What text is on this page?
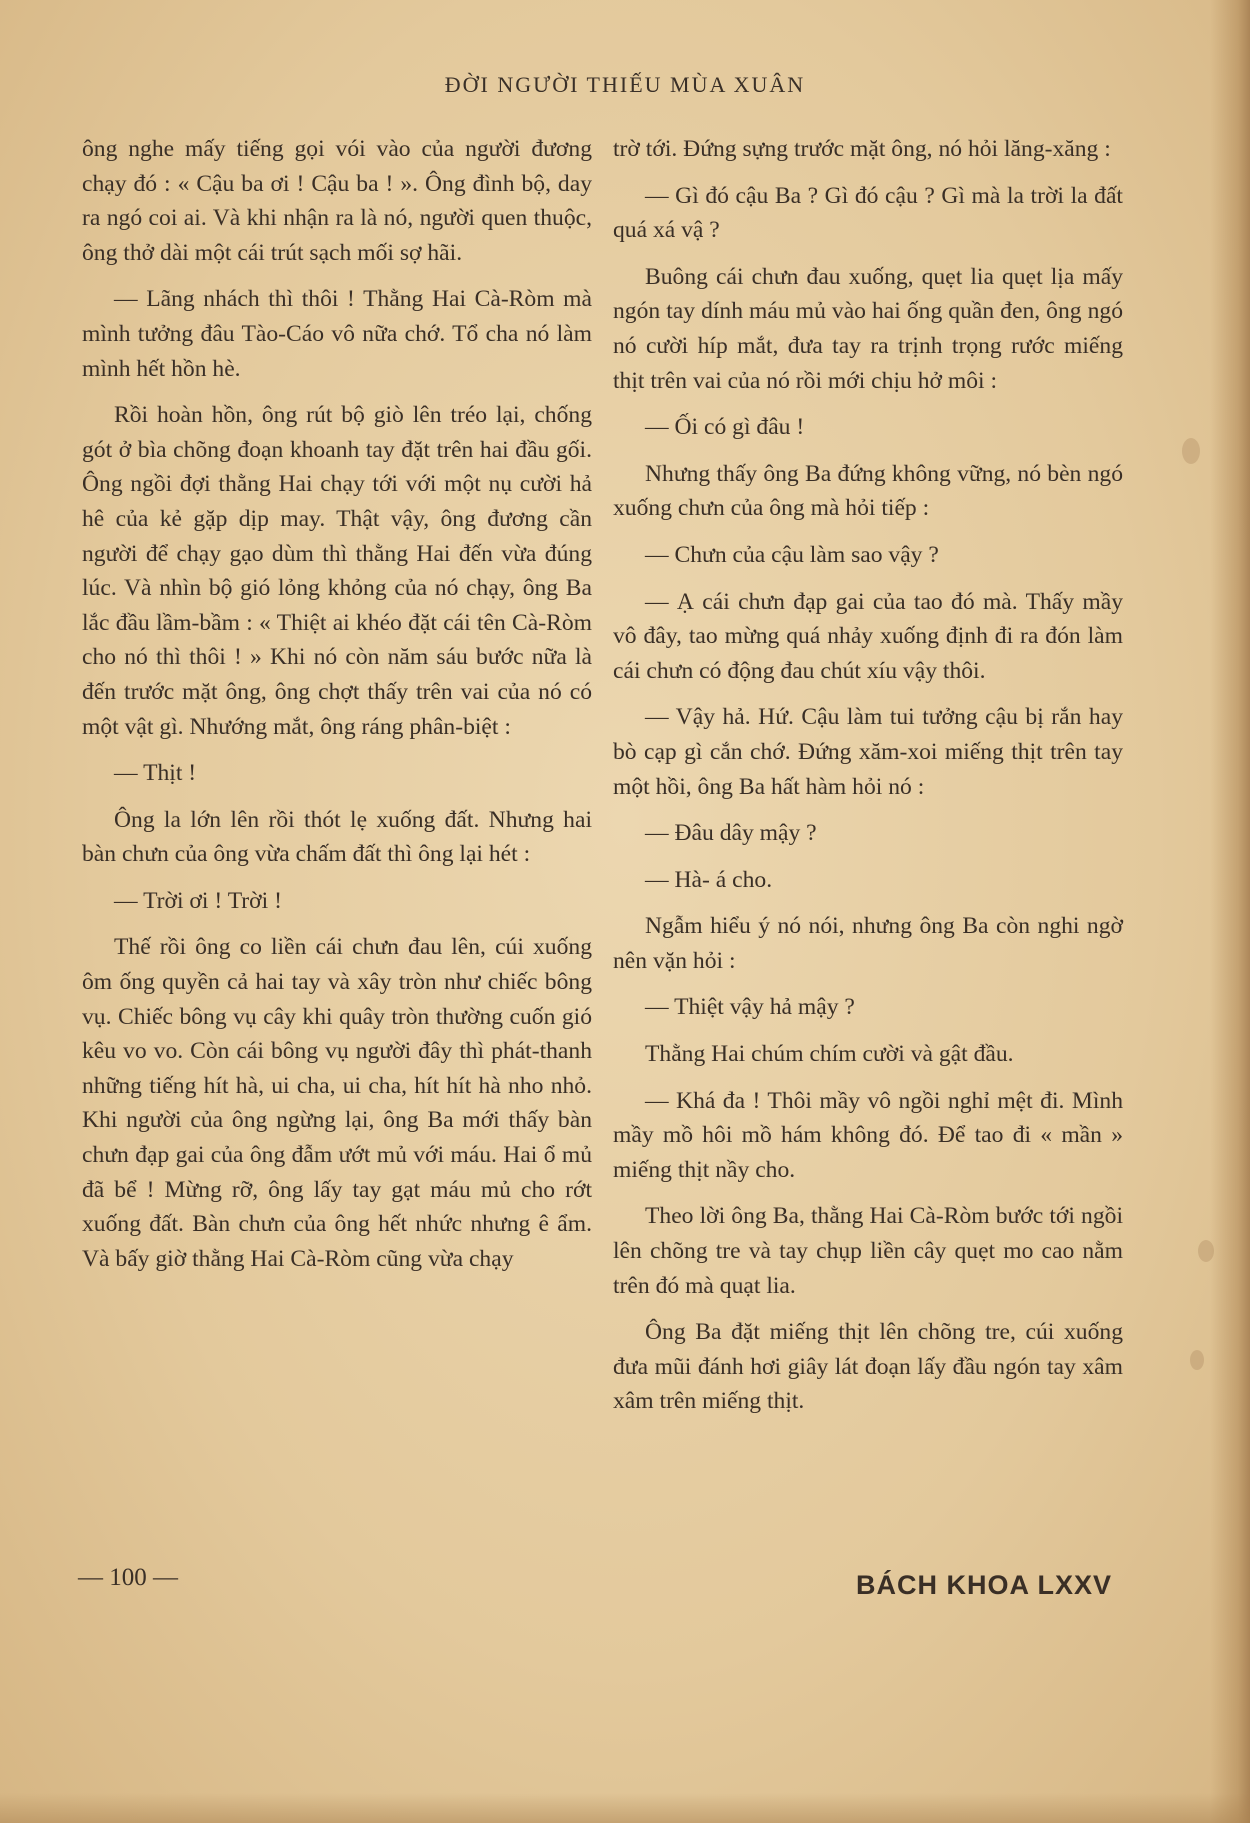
ĐỜI NGƯỜI THIẾU MÙA XUÂN

ông nghe mấy tiếng gọi vói vào của người đương chạy đó : « Cậu ba ơi ! Cậu ba ! ». Ông đình bộ, day ra ngó coi ai. Và khi nhận ra là nó, người quen thuộc, ông thở dài một cái trút sạch mối sợ hãi.

— Lãng nhách thì thôi ! Thằng Hai Cà-Ròm mà mình tưởng đâu Tào-Cáo vô nữa chớ. Tổ cha nó làm mình hết hồn hè.

Rồi hoàn hồn, ông rút bộ giò lên tréo lại, chống gót ở bìa chõng đoạn khoanh tay đặt trên hai đầu gối. Ông ngồi đợi thằng Hai chạy tới với một nụ cười hả hê của kẻ gặp dịp may. Thật vậy, ông đương cần người để chạy gạo dùm thì thằng Hai đến vừa đúng lúc. Và nhìn bộ gió lỏng khỏng của nó chạy, ông Ba lắc đầu lầm-bầm : « Thiệt ai khéo đặt cái tên Cà-Ròm cho nó thì thôi ! » Khi nó còn năm sáu bước nữa là đến trước mặt ông, ông chợt thấy trên vai của nó có một vật gì. Nhướng mắt, ông ráng phân-biệt :

— Thịt !

Ông la lớn lên rồi thót lẹ xuống đất. Nhưng hai bàn chưn của ông vừa chấm đất thì ông lại hét :

— Trời ơi ! Trời !

Thế rồi ông co liền cái chưn đau lên, cúi xuống ôm ống quyền cả hai tay và xây tròn như chiếc bông vụ. Chiếc bông vụ cây khi quây tròn thường cuốn gió kêu vo vo. Còn cái bông vụ người đây thì phát-thanh những tiếng hít hà, ui cha, ui cha, hít hít hà nho nhỏ. Khi người của ông ngừng lại, ông Ba mới thấy bàn chưn đạp gai của ông đẫm ướt mủ với máu. Hai ổ mủ đã bể ! Mừng rỡ, ông lấy tay gạt máu mủ cho rớt xuống đất. Bàn chưn của ông hết nhức nhưng ê ẩm. Và bấy giờ thằng Hai Cà-Ròm cũng vừa chạy

trờ tới. Đứng sựng trước mặt ông, nó hỏi lăng-xăng :

— Gì đó cậu Ba ? Gì đó cậu ? Gì mà la trời la đất quá xá vậ ?

Buông cái chưn đau xuống, quẹt lia quẹt lịa mấy ngón tay dính máu mủ vào hai ống quần đen, ông ngó nó cười híp mắt, đưa tay ra trịnh trọng rước miếng thịt trên vai của nó rồi mới chịu hở môi :

— Ối có gì đâu !

Nhưng thấy ông Ba đứng không vững, nó bèn ngó xuống chưn của ông mà hỏi tiếp :

— Chưn của cậu làm sao vậy ?

— Ạ cái chưn đạp gai của tao đó mà. Thấy mầy vô đây, tao mừng quá nhảy xuống định đi ra đón làm cái chưn có động đau chút xíu vậy thôi.

— Vậy hả. Hứ. Cậu làm tui tưởng cậu bị rắn hay bò cạp gì cắn chớ. Đứng xăm-xoi miếng thịt trên tay một hồi, ông Ba hất hàm hỏi nó :

— Đâu dây mậy ?

— Hà- á cho.

Ngẫm hiểu ý nó nói, nhưng ông Ba còn nghi ngờ nên vặn hỏi :

— Thiệt vậy hả mậy ?

Thằng Hai chúm chím cười và gật đầu.

— Khá đa ! Thôi mầy vô ngồi nghỉ mệt đi. Mình mầy mồ hôi mồ hám không đó. Để tao đi « mần » miếng thịt nầy cho.

Theo lời ông Ba, thằng Hai Cà-Ròm bước tới ngồi lên chõng tre và tay chụp liền cây quẹt mo cao nằm trên đó mà quạt lia.

Ông Ba đặt miếng thịt lên chõng tre, cúi xuống đưa mũi đánh hơi giây lát đoạn lấy đầu ngón tay xâm xâm trên miếng thịt.

— 100 —	BÁCH KHOA LXXV
